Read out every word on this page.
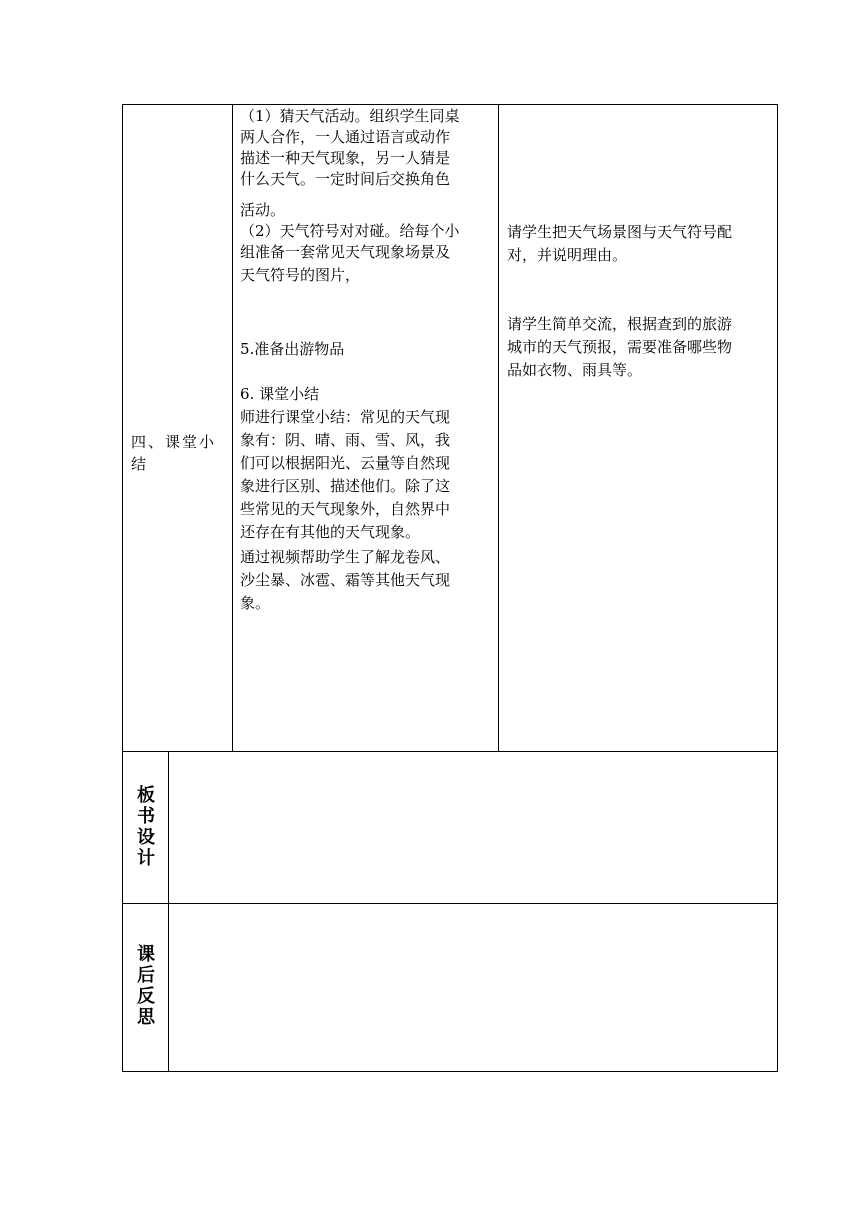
四、课堂小
结
（1）猜天气活动。组织学生同桌
两人合作，一人通过语言或动作
描述一种天气现象，另一人猜是
什么天气。一定时间后交换角色
活动。
（2）天气符号对对碰。给每个小
组准备一套常见天气现象场景及
天气符号的图片，
5.准备出游物品
6. 课堂小结
师进行课堂小结：常见的天气现
象有：阴、晴、雨、雪、风，我
们可以根据阳光、云量等自然现
象进行区别、描述他们。除了这
些常见的天气现象外，自然界中
还存在有其他的天气现象。
通过视频帮助学生了解龙卷风、
沙尘暴、冰雹、霜等其他天气现
象。
请学生把天气场景图与天气符号配
对，并说明理由。
请学生简单交流，根据查到的旅游
城市的天气预报，需要准备哪些物
品如衣物、雨具等。
板
书
设
计
课
后
反
思
